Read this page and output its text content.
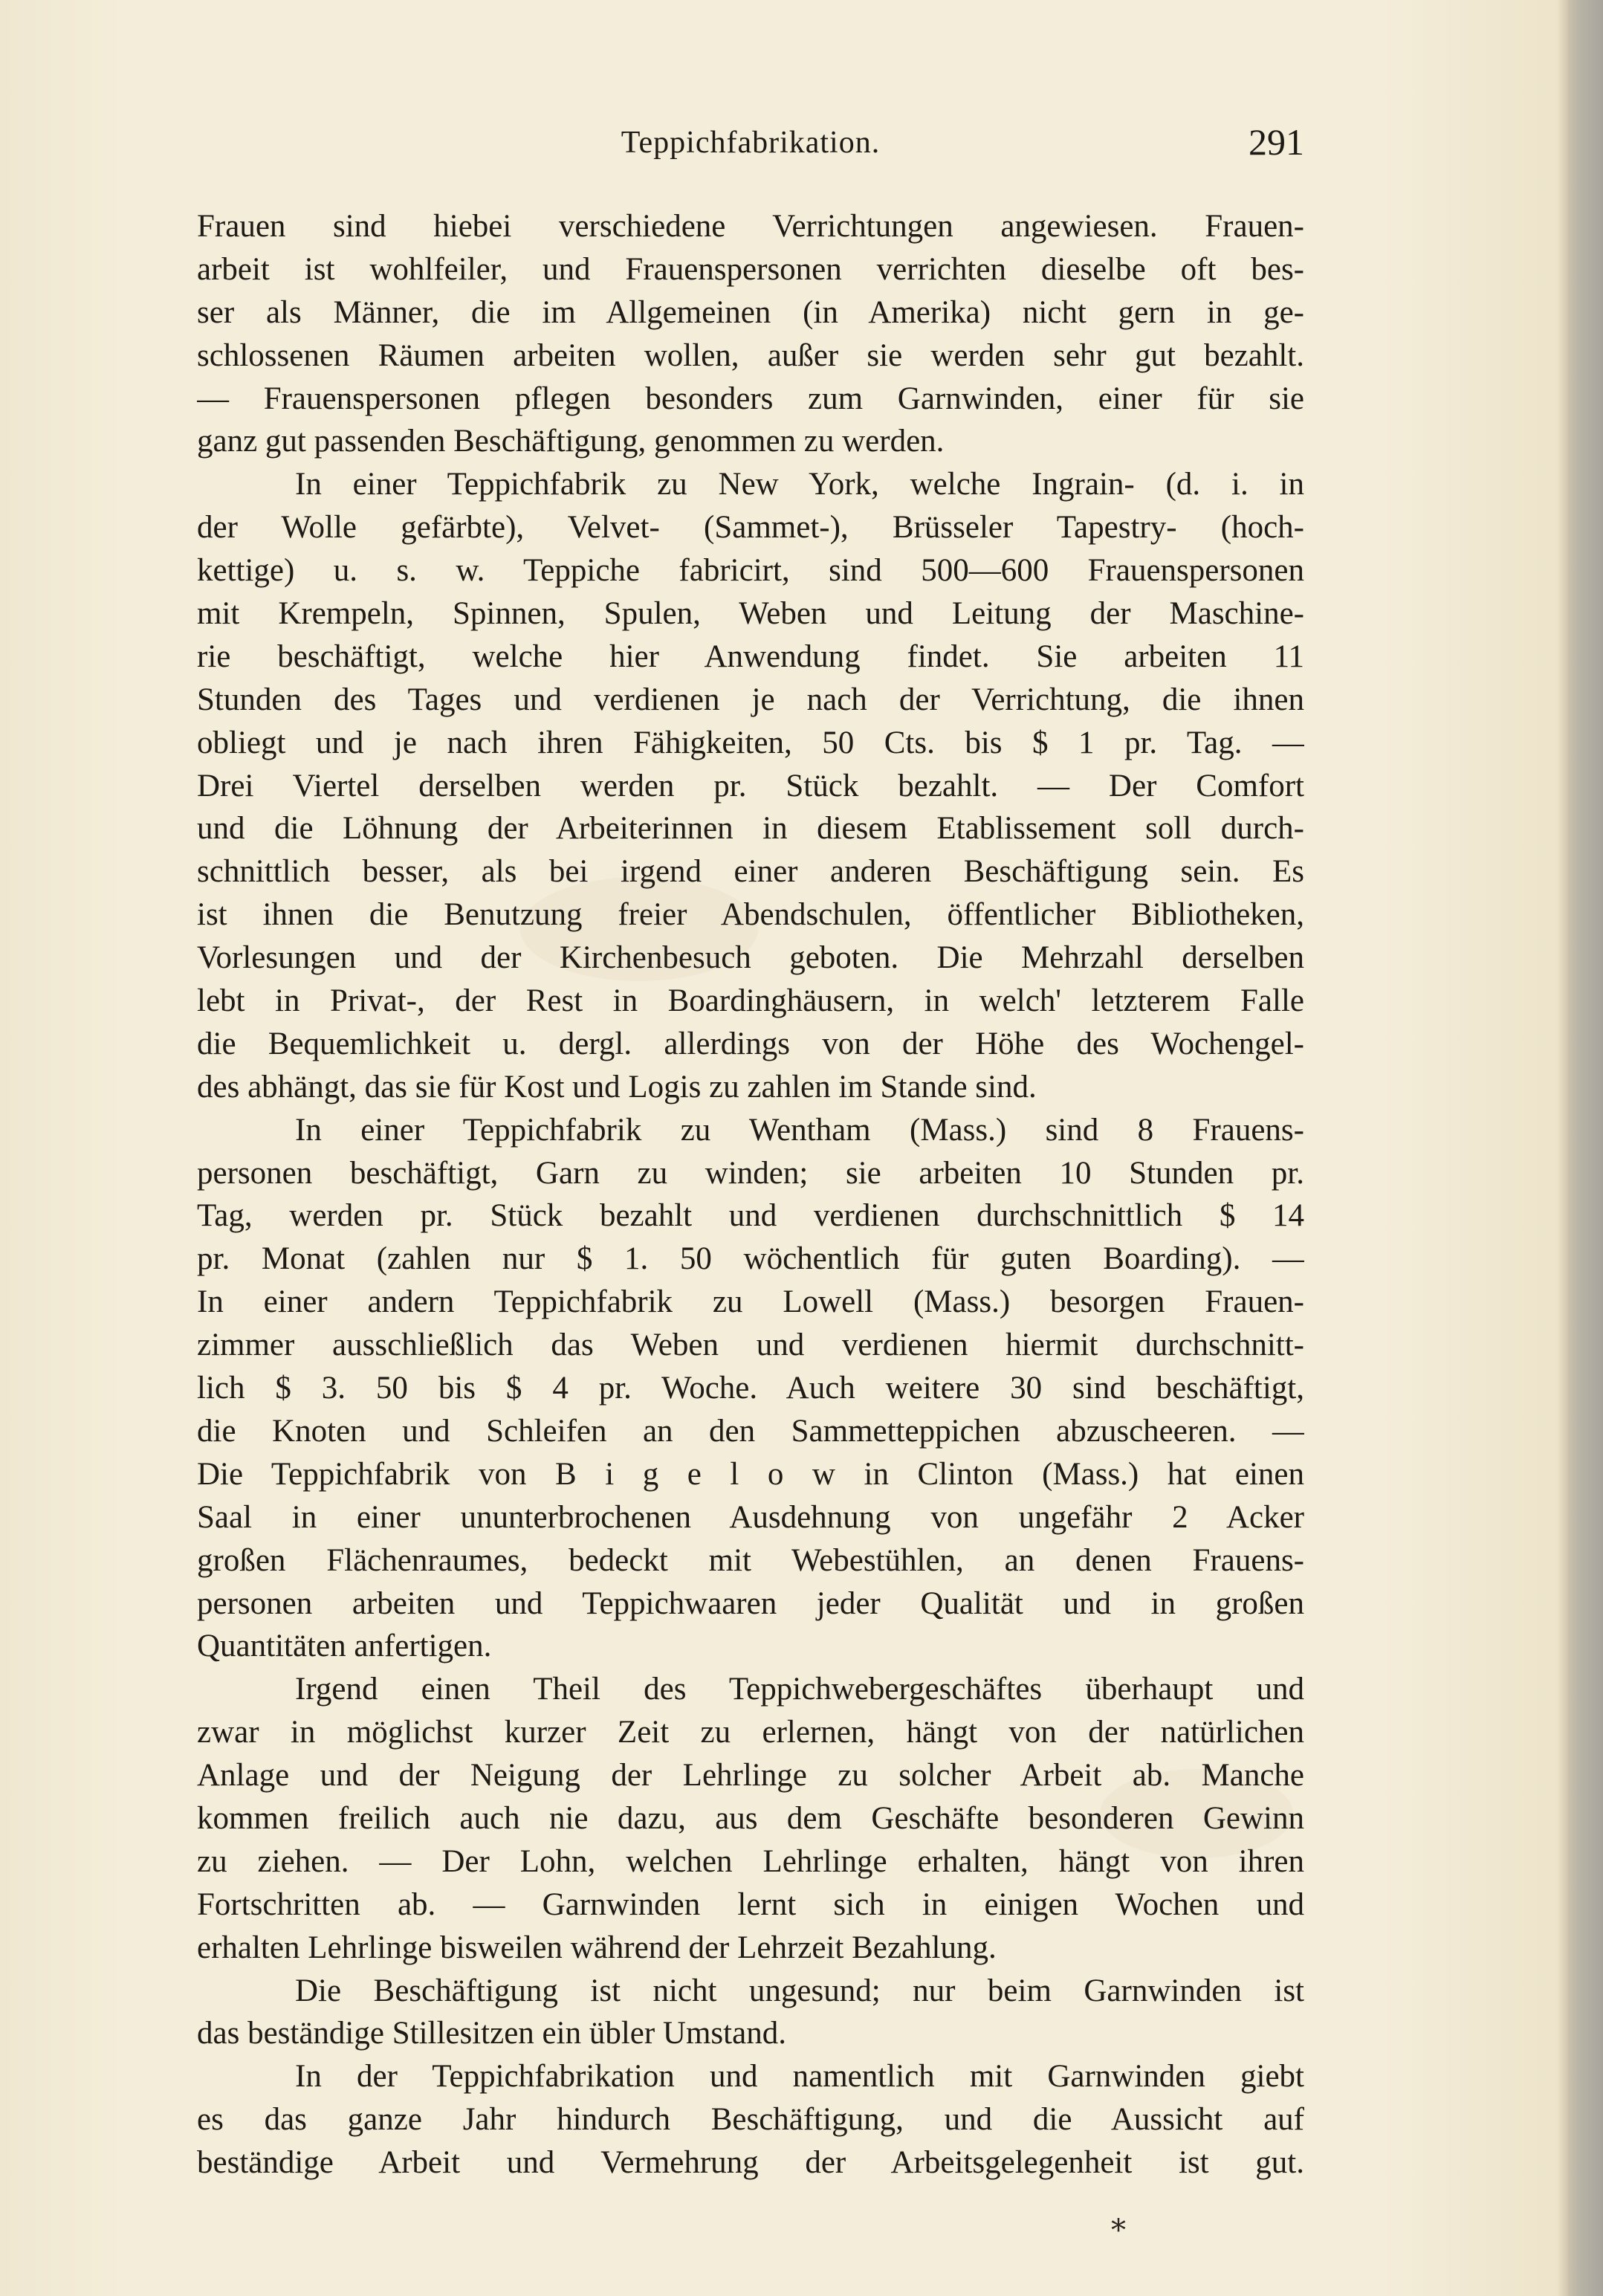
Teppichfabrikation.	291
Frauen sind hiebei verschiedene Verrichtungen angewiesen. Frauen-
arbeit ist wohlfeiler, und Frauenspersonen verrichten dieselbe oft bes-
ser als Männer, die im Allgemeinen (in Amerika) nicht gern in ge-
schlossenen Räumen arbeiten wollen, außer sie werden sehr gut bezahlt.
— Frauenspersonen pflegen besonders zum Garnwinden, einer für sie
ganz gut passenden Beschäftigung, genommen zu werden.
In einer Teppichfabrik zu New York, welche Ingrain- (d. i. in
der Wolle gefärbte), Velvet- (Sammet-), Brüsseler Tapestry- (hoch-
kettige) u. s. w. Teppiche fabricirt, sind 500—600 Frauenspersonen
mit Krempeln, Spinnen, Spulen, Weben und Leitung der Maschine-
rie beschäftigt, welche hier Anwendung findet. Sie arbeiten 11
Stunden des Tages und verdienen je nach der Verrichtung, die ihnen
obliegt und je nach ihren Fähigkeiten, 50 Cts. bis $ 1 pr. Tag. —
Drei Viertel derselben werden pr. Stück bezahlt. — Der Comfort
und die Löhnung der Arbeiterinnen in diesem Etablissement soll durch-
schnittlich besser, als bei irgend einer anderen Beschäftigung sein. Es
ist ihnen die Benutzung freier Abendschulen, öffentlicher Bibliotheken,
Vorlesungen und der Kirchenbesuch geboten. Die Mehrzahl derselben
lebt in Privat-, der Rest in Boardinghäusern, in welch' letzterem Falle
die Bequemlichkeit u. dergl. allerdings von der Höhe des Wochengel-
des abhängt, das sie für Kost und Logis zu zahlen im Stande sind.
In einer Teppichfabrik zu Wentham (Mass.) sind 8 Frauens-
personen beschäftigt, Garn zu winden; sie arbeiten 10 Stunden pr.
Tag, werden pr. Stück bezahlt und verdienen durchschnittlich $ 14
pr. Monat (zahlen nur $ 1. 50 wöchentlich für guten Boarding). —
In einer andern Teppichfabrik zu Lowell (Mass.) besorgen Frauen-
zimmer ausschließlich das Weben und verdienen hiermit durchschnitt-
lich $ 3. 50 bis $ 4 pr. Woche. Auch weitere 30 sind beschäftigt,
die Knoten und Schleifen an den Sammetteppichen abzuscheeren. —
Die Teppichfabrik von B i g e l o w in Clinton (Mass.) hat einen
Saal in einer ununterbrochenen Ausdehnung von ungefähr 2 Acker
großen Flächenraumes, bedeckt mit Webestühlen, an denen Frauens-
personen arbeiten und Teppichwaaren jeder Qualität und in großen
Quantitäten anfertigen.
Irgend einen Theil des Teppichwebergeschäftes überhaupt und
zwar in möglichst kurzer Zeit zu erlernen, hängt von der natürlichen
Anlage und der Neigung der Lehrlinge zu solcher Arbeit ab. Manche
kommen freilich auch nie dazu, aus dem Geschäfte besonderen Gewinn
zu ziehen. — Der Lohn, welchen Lehrlinge erhalten, hängt von ihren
Fortschritten ab. — Garnwinden lernt sich in einigen Wochen und
erhalten Lehrlinge bisweilen während der Lehrzeit Bezahlung.
Die Beschäftigung ist nicht ungesund; nur beim Garnwinden ist
das beständige Stillesitzen ein übler Umstand.
In der Teppichfabrikation und namentlich mit Garnwinden giebt
es das ganze Jahr hindurch Beschäftigung, und die Aussicht auf
beständige Arbeit und Vermehrung der Arbeitsgelegenheit ist gut.
*
